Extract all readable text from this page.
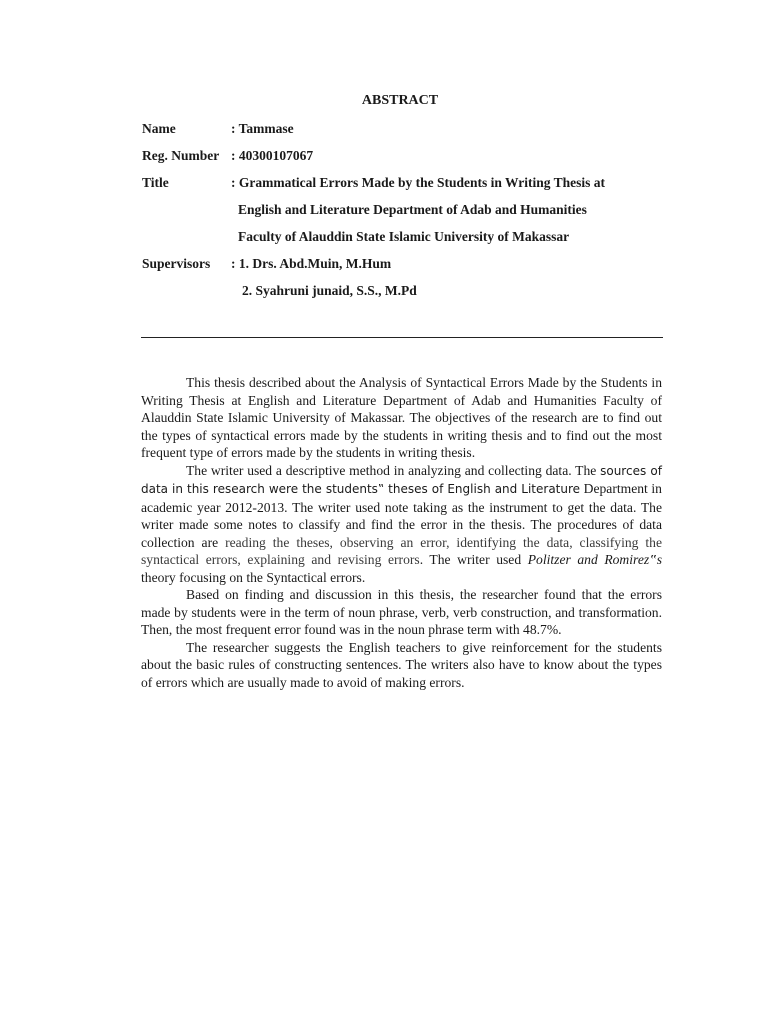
ABSTRACT
Name	: Tammase
Reg. Number : 40300107067
Title	: Grammatical Errors Made by the Students in Writing Thesis at
English and Literature Department of Adab and Humanities
Faculty of Alauddin State Islamic University of Makassar
Supervisors : 1. Drs. Abd.Muin, M.Hum
2. Syahruni junaid, S.S., M.Pd

This thesis described about the Analysis of Syntactical Errors Made by the Students in Writing Thesis at English and Literature Department of Adab and Humanities Faculty of Alauddin State Islamic University of Makassar. The objectives of the research are to find out the types of syntactical errors made by the students in writing thesis and to find out the most frequent type of errors made by the students in writing thesis.

The writer used a descriptive method in analyzing and collecting data. The sources of data in this research were the students‟ theses of English and Literature Department in academic year 2012-2013. The writer used note taking as the instrument to get the data. The writer made some notes to classify and find the error in the thesis. The procedures of data collection are reading the theses, observing an error, identifying the data, classifying the syntactical errors, explaining and revising errors. The writer used Politzer and Romirez‟s theory focusing on the Syntactical errors.

Based on finding and discussion in this thesis, the researcher found that the errors made by students were in the term of noun phrase, verb, verb construction, and transformation. Then, the most frequent error found was in the noun phrase term with 48.7%.

The researcher suggests the English teachers to give reinforcement for the students about the basic rules of constructing sentences. The writers also have to know about the types of errors which are usually made to avoid of making errors.
